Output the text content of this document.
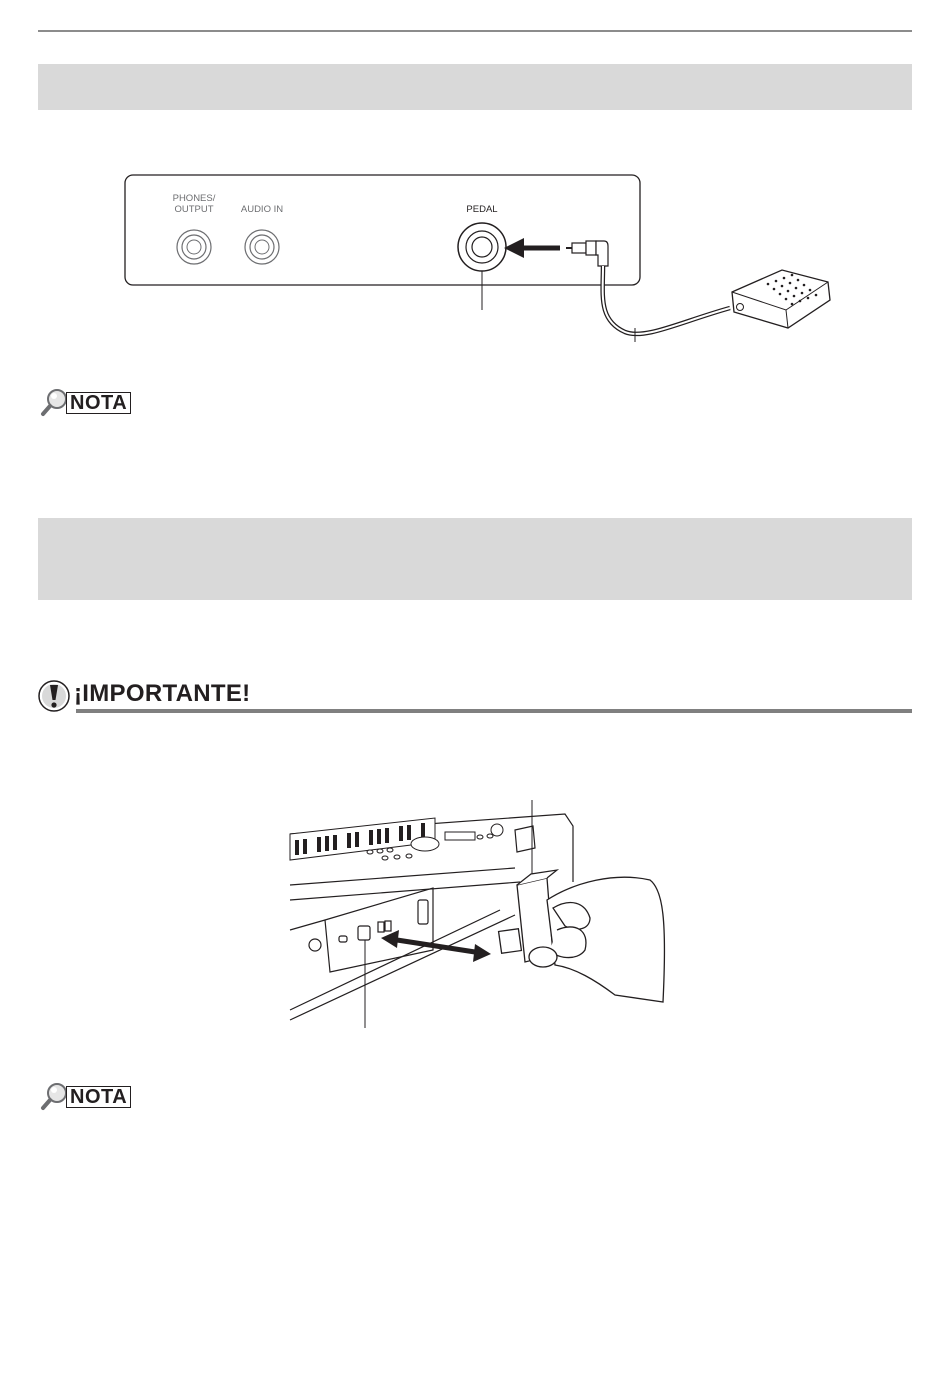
PHONES/
OUTPUT	AUDIO IN	PEDAL
NOTA
¡IMPORTANTE!
NOTA
